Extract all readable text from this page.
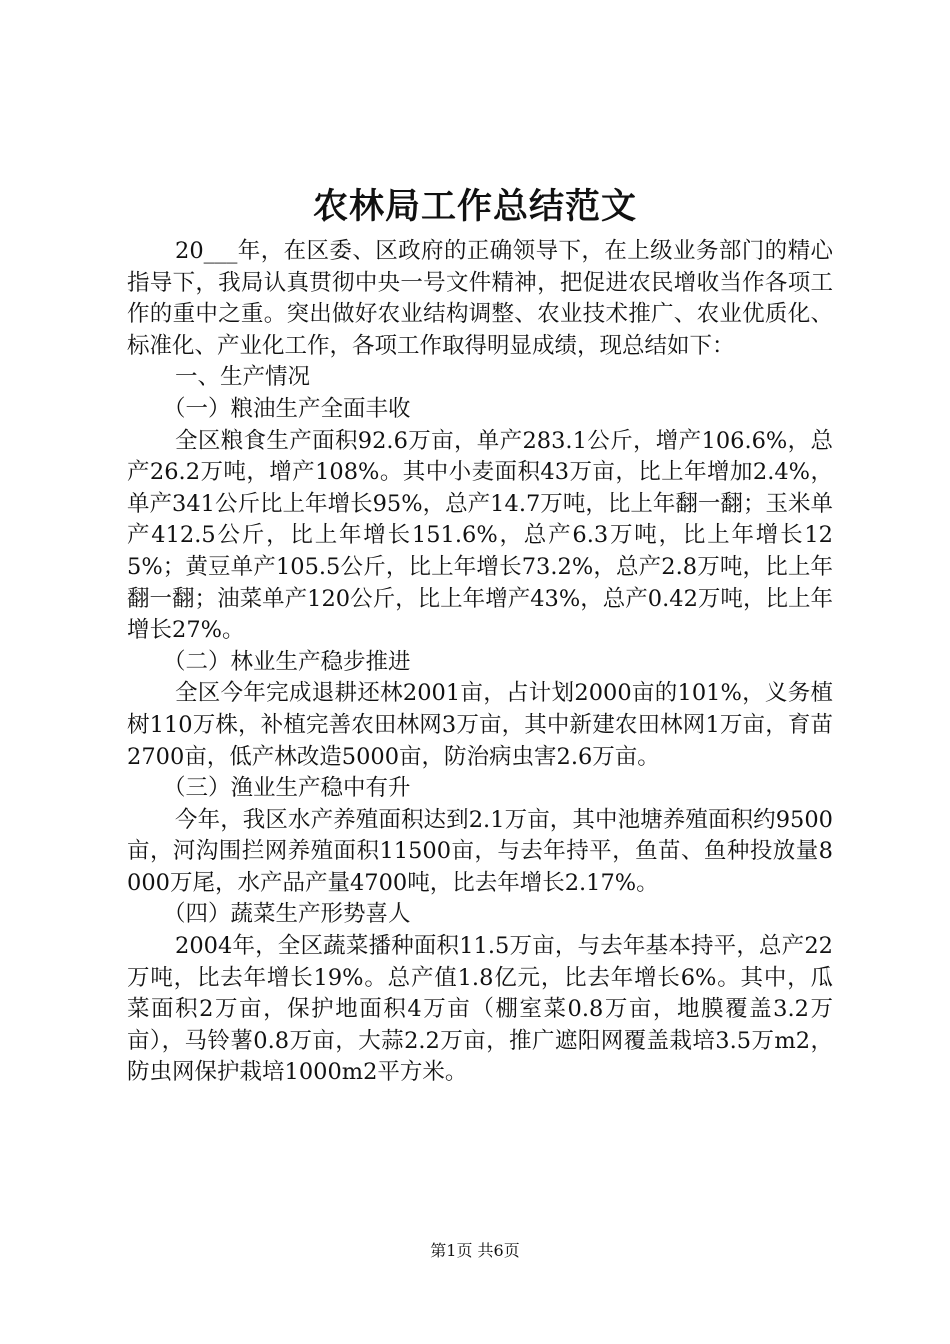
农林局工作总结范文

20___年，在区委、区政府的正确领导下，在上级业务部门的精心指导下，我局认真贯彻中央一号文件精神，把促进农民增收当作各项工作的重中之重。突出做好农业结构调整、农业技术推广、农业优质化、标准化、产业化工作，各项工作取得明显成绩，现总结如下：

一、生产情况

（一）粮油生产全面丰收

全区粮食生产面积92.6万亩，单产283.1公斤，增产106.6%，总产26.2万吨，增产108%。其中小麦面积43万亩，比上年增加2.4%，单产341公斤比上年增长95%，总产14.7万吨，比上年翻一翻；玉米单产412.5公斤，比上年增长151.6%，总产6.3万吨，比上年增长125%；黄豆单产105.5公斤，比上年增长73.2%，总产2.8万吨，比上年翻一翻；油菜单产120公斤，比上年增产43%，总产0.42万吨，比上年增长27%。

（二）林业生产稳步推进

全区今年完成退耕还林2001亩，占计划2000亩的101%，义务植树110万株，补植完善农田林网3万亩，其中新建农田林网1万亩，育苗2700亩，低产林改造5000亩，防治病虫害2.6万亩。

（三）渔业生产稳中有升

今年，我区水产养殖面积达到2.1万亩，其中池塘养殖面积约9500亩，河沟围拦网养殖面积11500亩，与去年持平，鱼苗、鱼种投放量8000万尾，水产品产量4700吨，比去年增长2.17%。

（四）蔬菜生产形势喜人

2004年，全区蔬菜播种面积11.5万亩，与去年基本持平，总产22万吨，比去年增长19%。总产值1.8亿元，比去年增长6%。其中，瓜菜面积2万亩，保护地面积4万亩（棚室菜0.8万亩，地膜覆盖3.2万亩），马铃薯0.8万亩，大蒜2.2万亩，推广遮阳网覆盖栽培3.5万m2，防虫网保护栽培1000m2平方米。

第1页 共6页
